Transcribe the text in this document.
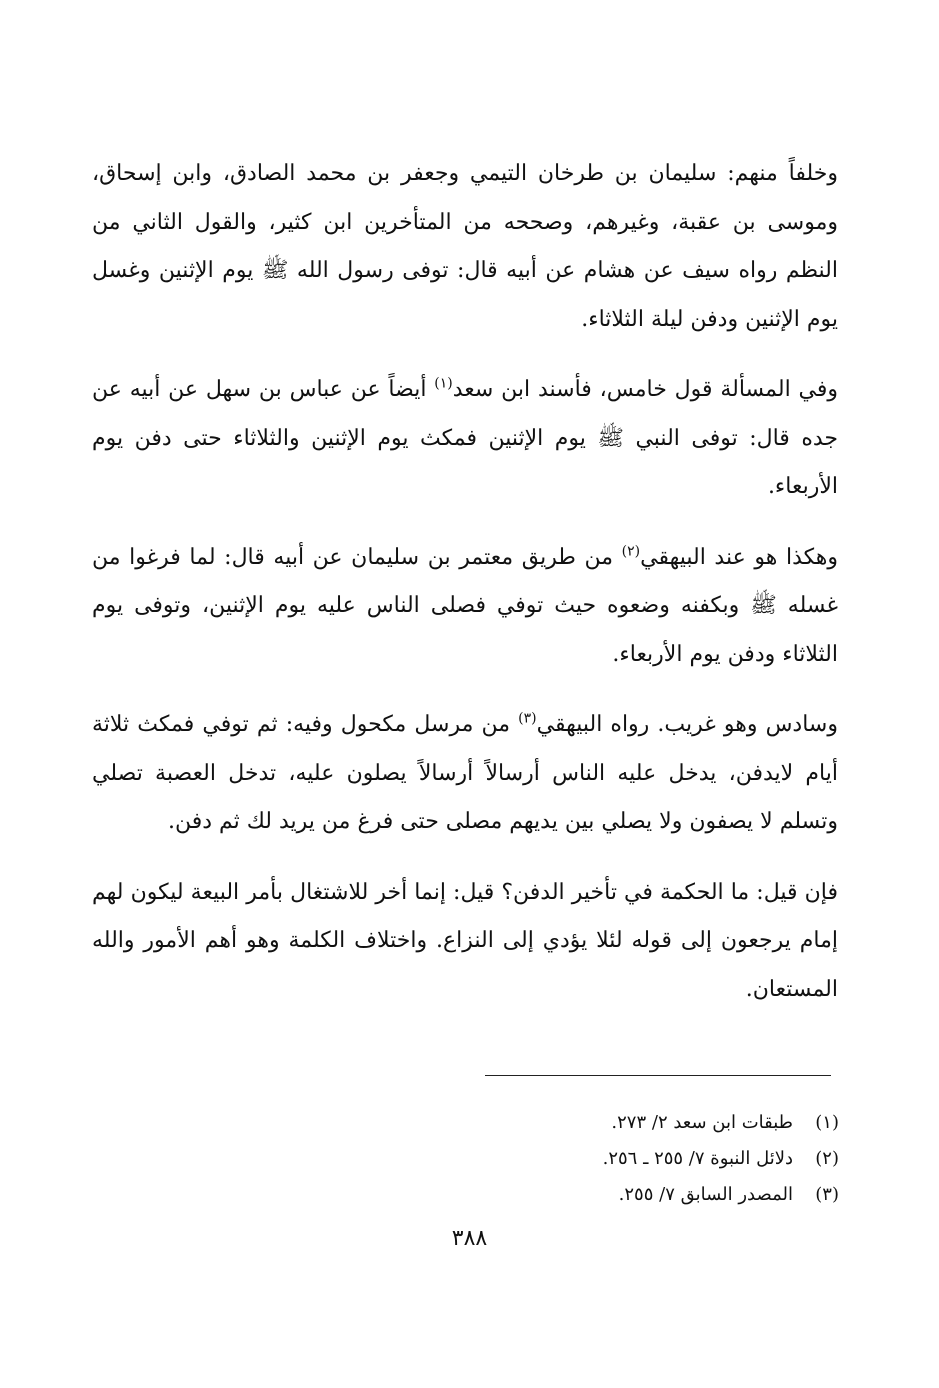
وخلفاً منهم: سليمان بن طرخان التيمي وجعفر بن محمد الصادق، وابن إسحاق، وموسى بن عقبة، وغيرهم، وصححه من المتأخرين ابن كثير، والقول الثاني من النظم رواه سيف عن هشام عن أبيه قال: توفى رسول الله ﷺ يوم الإثنين وغسل يوم الإثنين ودفن ليلة الثلاثاء.

وفي المسألة قول خامس، فأسند ابن سعد$^{(١)}$ أيضاً عن عباس بن سهل عن أبيه عن جده قال: توفى النبي ﷺ يوم الإثنين فمكث يوم الإثنين والثلاثاء حتى دفن يوم الأربعاء.

وهكذا هو عند البيهقي$^{(٢)}$ من طريق معتمر بن سليمان عن أبيه قال: لما فرغوا من غسله ﷺ وبكفنه وضعوه حيث توفي فصلى الناس عليه يوم الإثنين، وتوفى يوم الثلاثاء ودفن يوم الأربعاء.

وسادس وهو غريب. رواه البيهقي$^{(٣)}$ من مرسل مكحول وفيه: ثم توفي فمكث ثلاثة أيام لايدفن، يدخل عليه الناس أرسالاً أرسالاً يصلون عليه، تدخل العصبة تصلي وتسلم لا يصفون ولا يصلي بين يديهم مصلى حتى فرغ من يريد لك ثم دفن.

فإن قيل: ما الحكمة في تأخير الدفن؟ قيل: إنما أخر للاشتغال بأمر البيعة ليكون لهم إمام يرجعون إلى قوله لئلا يؤدي إلى النزاع. واختلاف الكلمة وهو أهم الأمور والله المستعان.

(١)
طبقات ابن سعد ٢/ ٢٧٣.
(٢)
دلائل النبوة ٧/ ٢٥٥ ـ ٢٥٦.
(٣)
المصدر السابق ٧/ ٢٥٥.
٣٨٨
